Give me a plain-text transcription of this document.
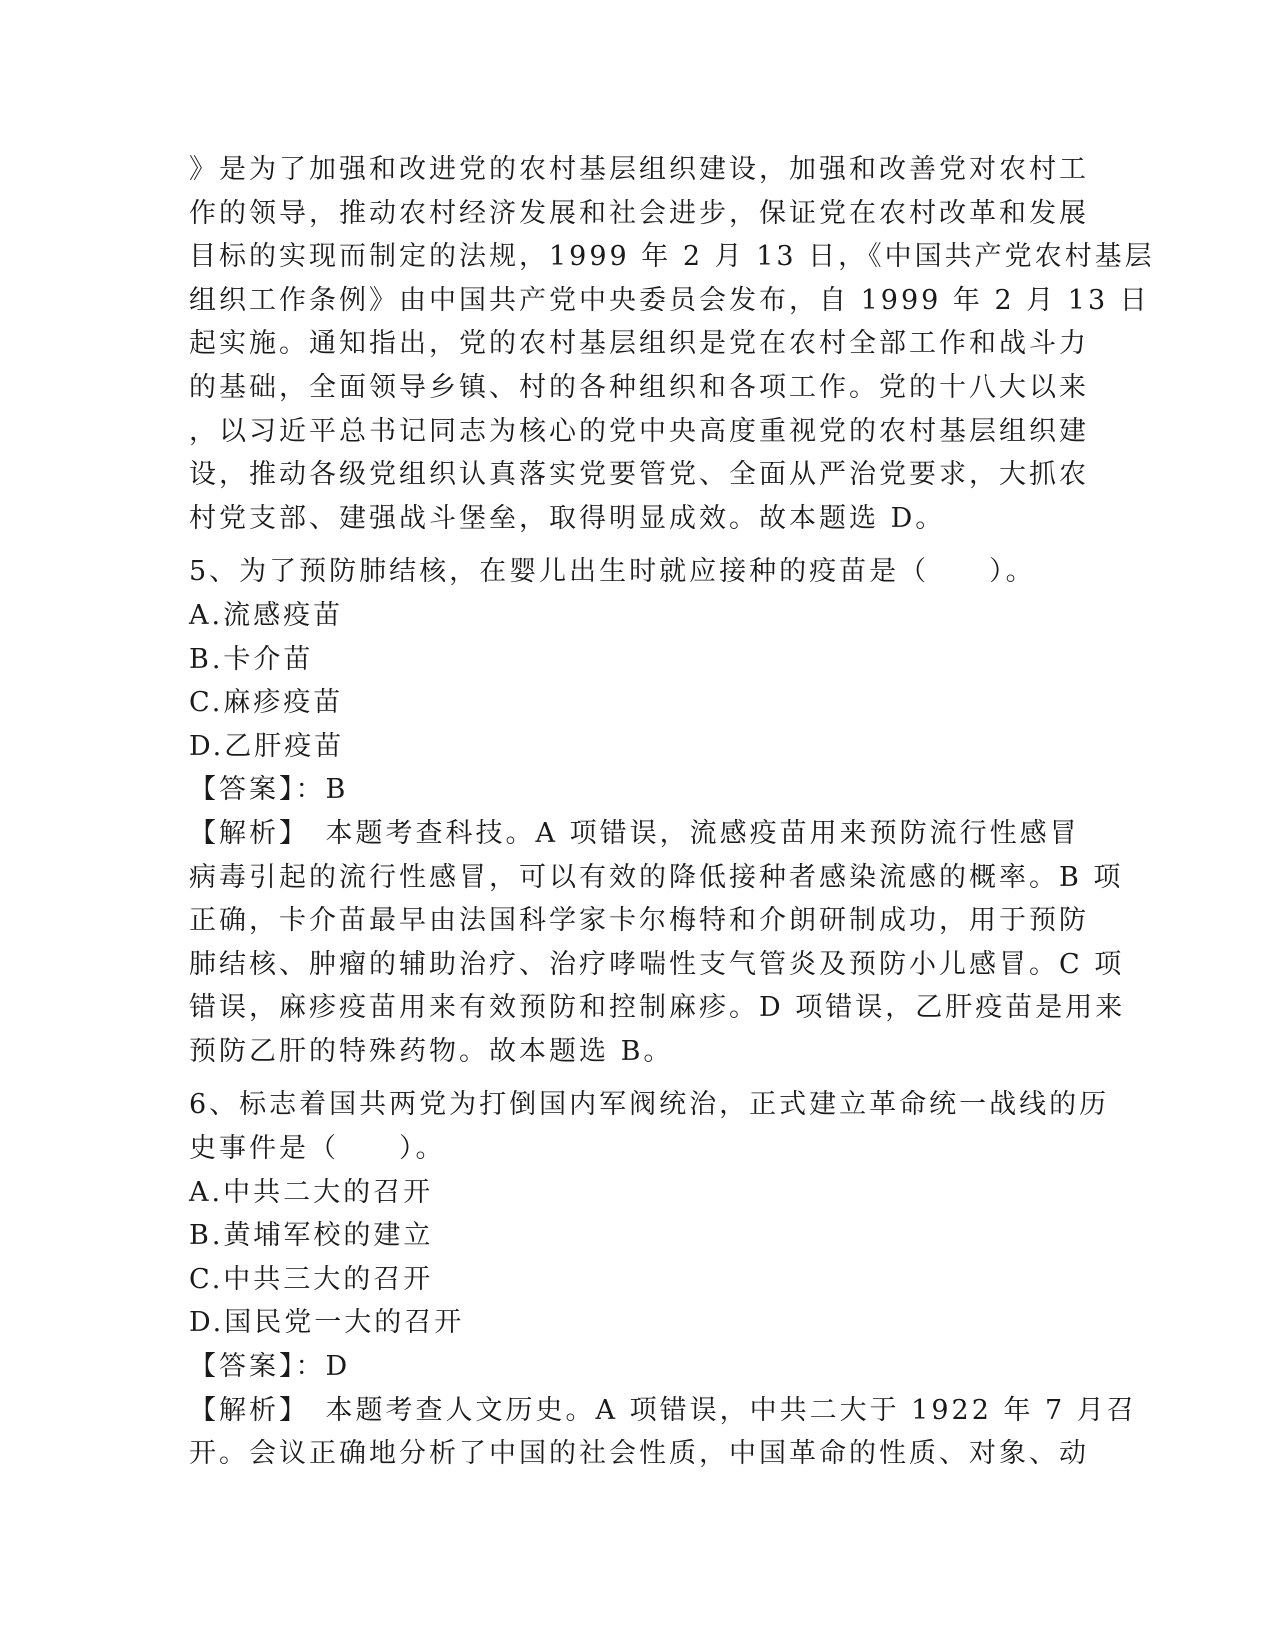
》是为了加强和改进党的农村基层组织建设，加强和改善党对农村工
作的领导，推动农村经济发展和社会进步，保证党在农村改革和发展
目标的实现而制定的法规，1999 年 2 月 13 日，《中国共产党农村基层
组织工作条例》由中国共产党中央委员会发布，自 1999 年 2 月 13 日
起实施。通知指出，党的农村基层组织是党在农村全部工作和战斗力
的基础，全面领导乡镇、村的各种组织和各项工作。党的十八大以来
，以习近平总书记同志为核心的党中央高度重视党的农村基层组织建
设，推动各级党组织认真落实党要管党、全面从严治党要求，大抓农
村党支部、建强战斗堡垒，取得明显成效。故本题选 D。
5、为了预防肺结核，在婴儿出生时就应接种的疫苗是（　　）。
A.流感疫苗
B.卡介苗
C.麻疹疫苗
D.乙肝疫苗
【答案】：B
【解析】　本题考查科技。A 项错误，流感疫苗用来预防流行性感冒
病毒引起的流行性感冒，可以有效的降低接种者感染流感的概率。B 项
正确，卡介苗最早由法国科学家卡尔梅特和介朗研制成功，用于预防
肺结核、肿瘤的辅助治疗、治疗哮喘性支气管炎及预防小儿感冒。C 项
错误，麻疹疫苗用来有效预防和控制麻疹。D 项错误，乙肝疫苗是用来
预防乙肝的特殊药物。故本题选 B。
6、标志着国共两党为打倒国内军阀统治，正式建立革命统一战线的历
史事件是（　　）。
A.中共二大的召开
B.黄埔军校的建立
C.中共三大的召开
D.国民党一大的召开
【答案】：D
【解析】　本题考查人文历史。A 项错误，中共二大于 1922 年 7 月召
开。会议正确地分析了中国的社会性质，中国革命的性质、对象、动
